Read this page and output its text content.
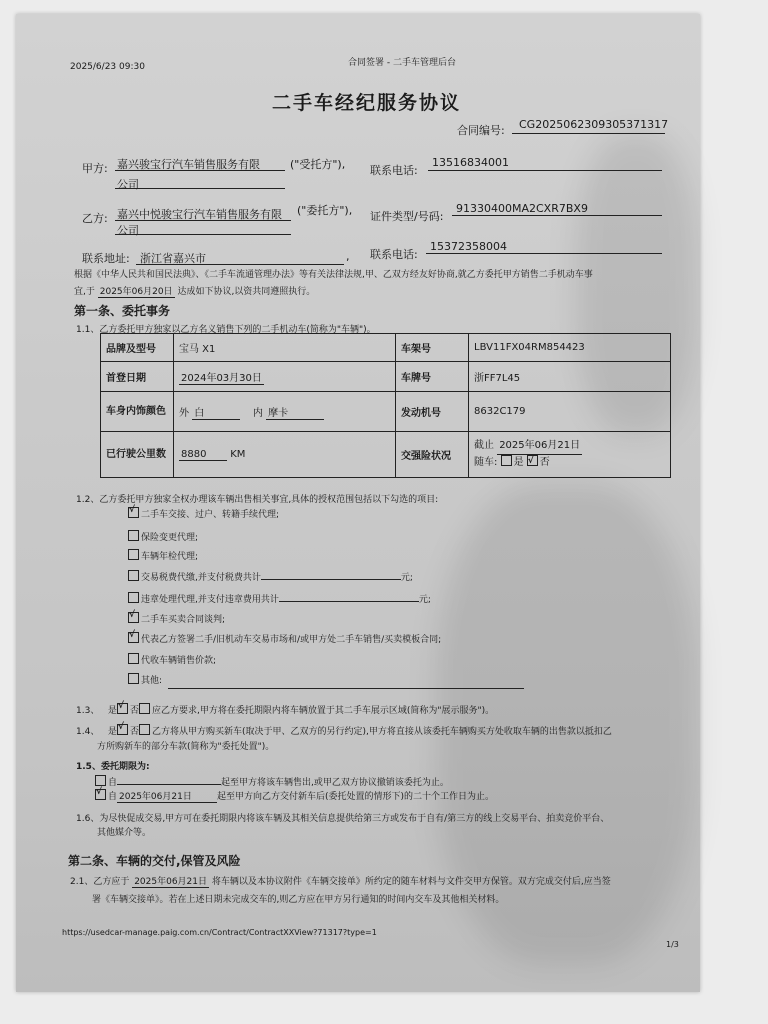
2025/6/23 09:30	合同签署 - 二手车管理后台
二手车经纪服务协议
合同编号: CG2025062309305371317
甲方: 嘉兴骏宝行汽车销售服务有限	("受托方"),
公司
联系电话:
13516834001
乙方: 嘉兴中悦骏宝行汽车销售服务有限 ("委托方"),
公司
证件类型/号码:
91330400MA2CXR7BX9
联系地址: 浙江省嘉兴市	, 联系电话:
15372358004
根据《中华人民共和国民法典》、《二手车流通管理办法》等有关法律法规,甲、乙双方经友好协商,就乙方委托甲方销售二手机动车事
宜,于 2025年06月20日 达成如下协议,以资共同遵照执行。
第一条、委托事务
1.1、乙方委托甲方独家以乙方名义销售下列的二手机动车(简称为"车辆")。
品牌及型号	宝马 X1	车架号	LBV11FX04RM854423
首登日期	2024年03月30日	车牌号	浙FF7L45
车身内饰颜色	外 白 内 摩卡	发动机号	8632C179
已行驶公里数	8880 KM	交强险状况	截止 2025年06月21日
随车: 是 √ 否
1.2、乙方委托甲方独家全权办理该车辆出售相关事宜,具体的授权范围包括以下勾选的项目:
√二手车交接、过户、转籍手续代理;
保险变更代理;
车辆年检代理;
交易税费代缴,并支付税费共计	元;
违章处理代理,并支付违章费用共计	元;
√二手车买卖合同谈判;
√代表乙方签署二手/旧机动车交易市场和/或甲方处二手车销售/买卖模板合同;
代收车辆销售价款;
其他:
1.3、 是 √ 否 应乙方要求,甲方将在委托期限内将车辆放置于其二手车展示区域(简称为"展示服务")。
1.4、 是 √ 否 乙方将从甲方购买新车(取决于甲、乙双方的另行约定),甲方将直接从该委托车辆购买方处收取车辆的出售款以抵扣乙
方所购新车的部分车款(简称为"委托处置")。
1.5、委托期限为:
自	起至甲方将该车辆售出,或甲乙双方协议撤销该委托为止。
√自 2025年06月21日	起至甲方向乙方交付新车后(委托处置的情形下)的二十个工作日为止。
1.6、为尽快促成交易,甲方可在委托期限内将该车辆及其相关信息提供给第三方或发布于自有/第三方的线上交易平台、拍卖竞价平台、
其他媒介等。
第二条、车辆的交付,保管及风险
2.1、乙方应于 2025年06月21日 将车辆以及本协议附件《车辆交接单》所约定的随车材料与文件交甲方保管。双方完成交付后,应当签
署《车辆交接单》。若在上述日期未完成交车的,则乙方应在甲方另行通知的时间内交车及其他相关材料。
https://usedcar-manage.paig.com.cn/Contract/ContractXXView?71317?type=1
1/3
